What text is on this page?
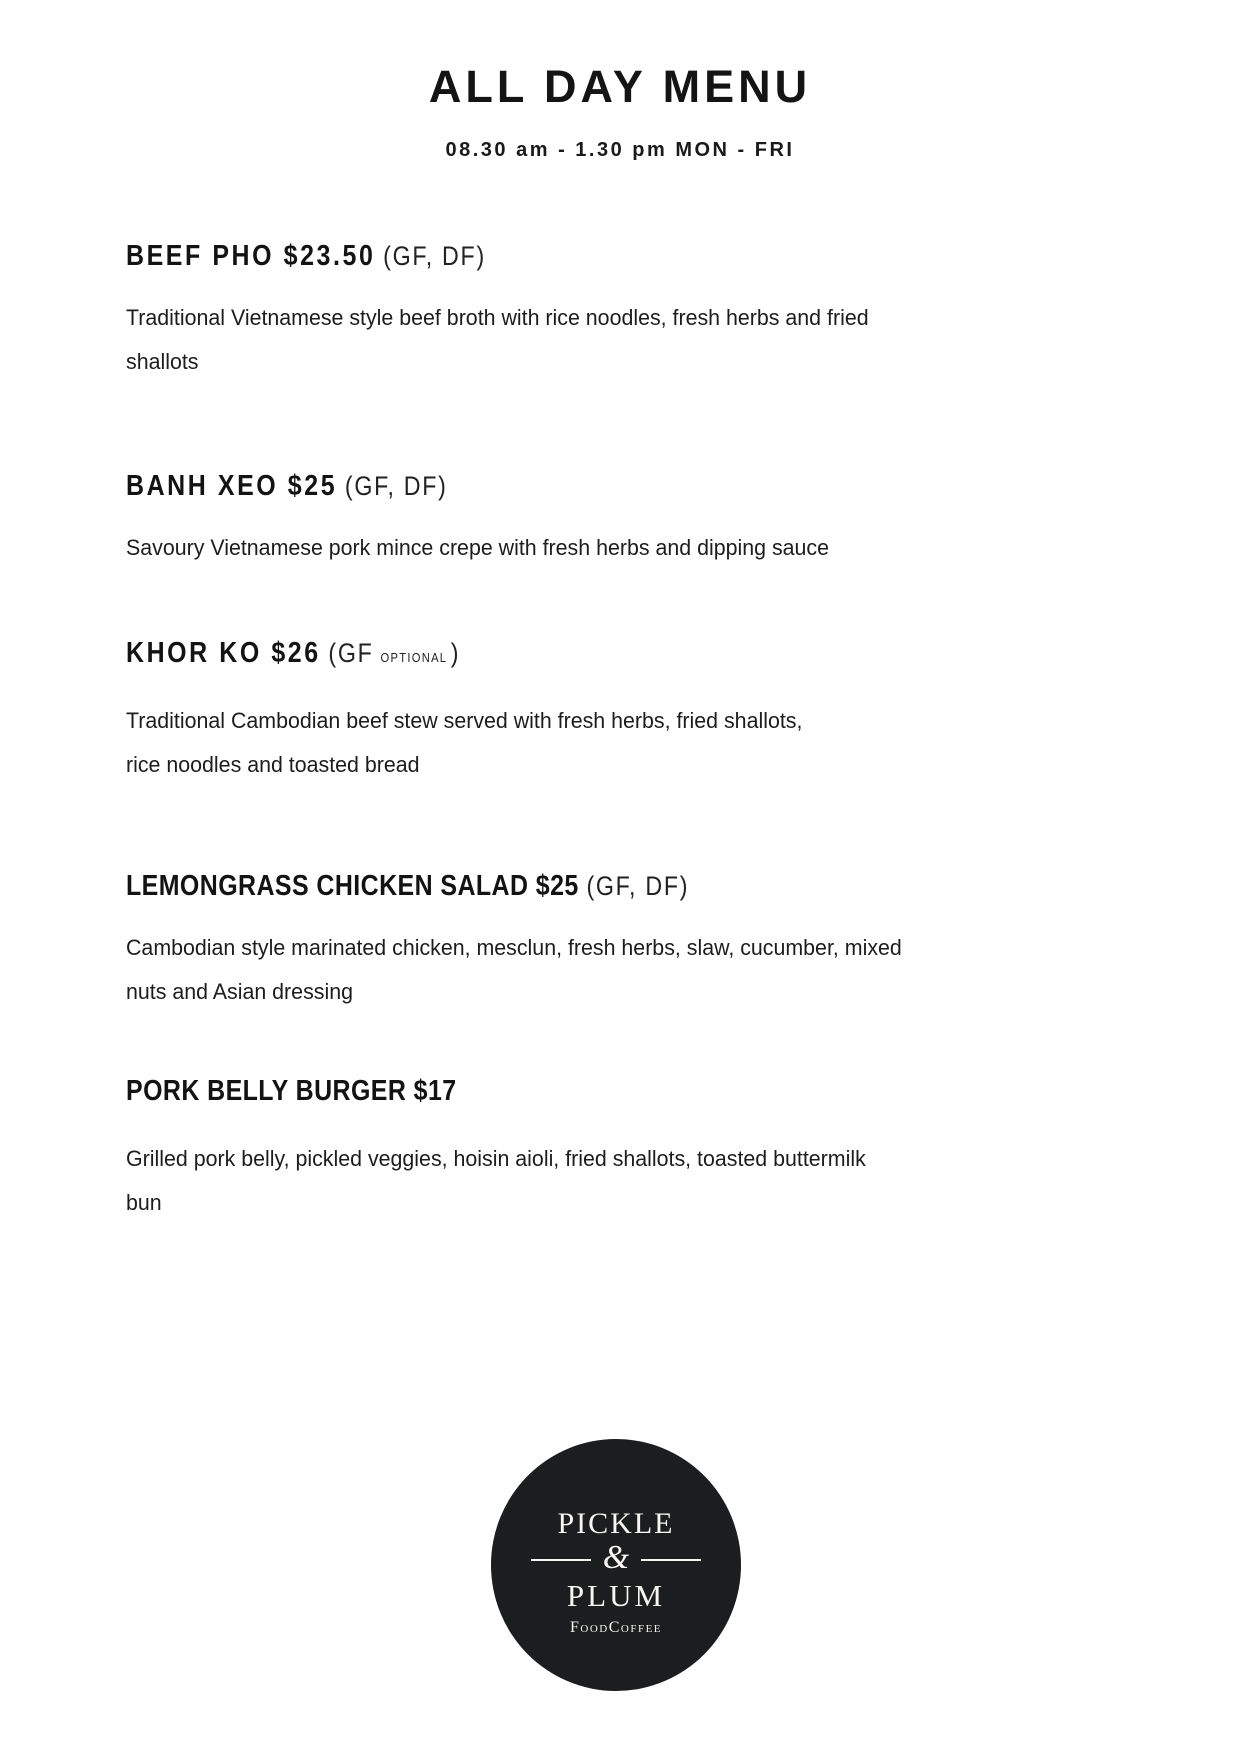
ALL DAY MENU
08.30 am - 1.30 pm MON - FRI
BEEF PHO $23.50 (GF, DF)
Traditional Vietnamese style beef broth with rice noodles, fresh herbs and fried
shallots
BANH XEO $25 (GF, DF)
Savoury Vietnamese pork mince crepe with fresh herbs and dipping sauce
KHOR KO $26 (GF OPTIONAL )
Traditional Cambodian beef stew served with fresh herbs, fried shallots,
rice noodles and toasted bread
LEMONGRASS CHICKEN SALAD $25 (GF, DF)
Cambodian style marinated chicken, mesclun, fresh herbs, slaw, cucumber, mixed
nuts and Asian dressing
PORK BELLY BURGER $17
Grilled pork belly, pickled veggies, hoisin aioli, fried shallots, toasted buttermilk
bun
PICKLE
&
PLUM
FoodCoffee
